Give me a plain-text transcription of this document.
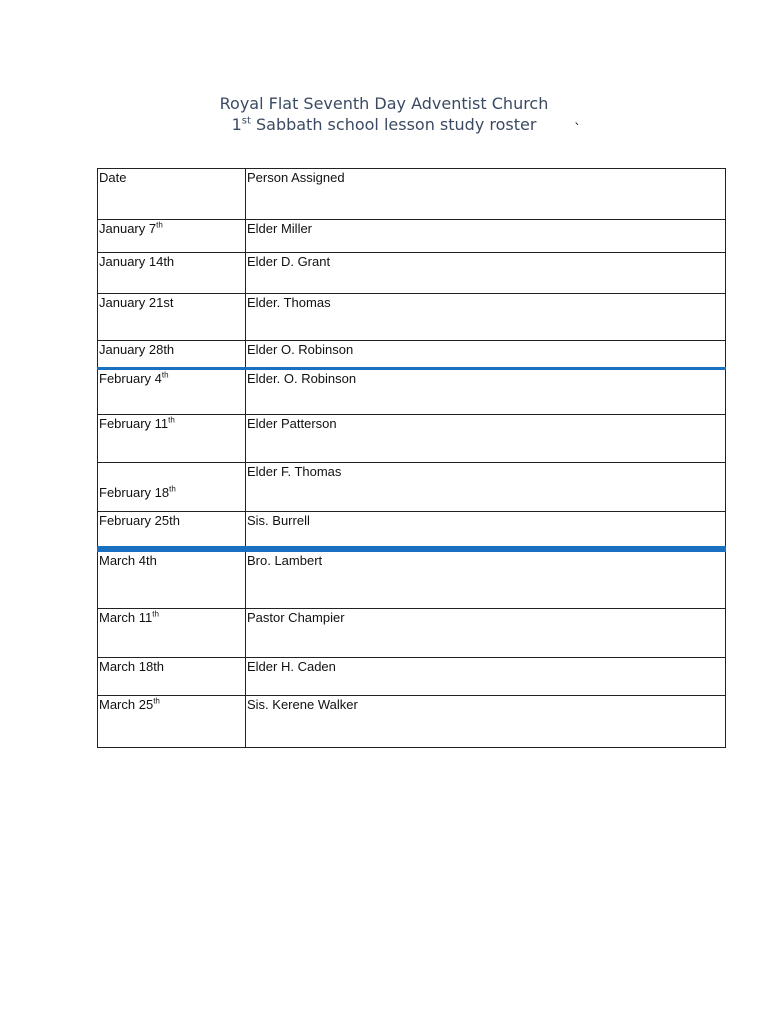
Royal Flat Seventh Day Adventist Church
1st Sabbath school lesson study roster	`
Date	Person Assigned
January 7th	Elder Miller
January 14th	Elder D. Grant
January 21st	Elder. Thomas
January 28th	Elder O. Robinson
February 4th	Elder. O. Robinson
February 11th	Elder Patterson
February 18th	Elder F. Thomas
February 25th	Sis. Burrell
March 4th	Bro. Lambert
March 11th	Pastor Champier
March 18th	Elder H. Caden
March 25th	Sis. Kerene Walker
